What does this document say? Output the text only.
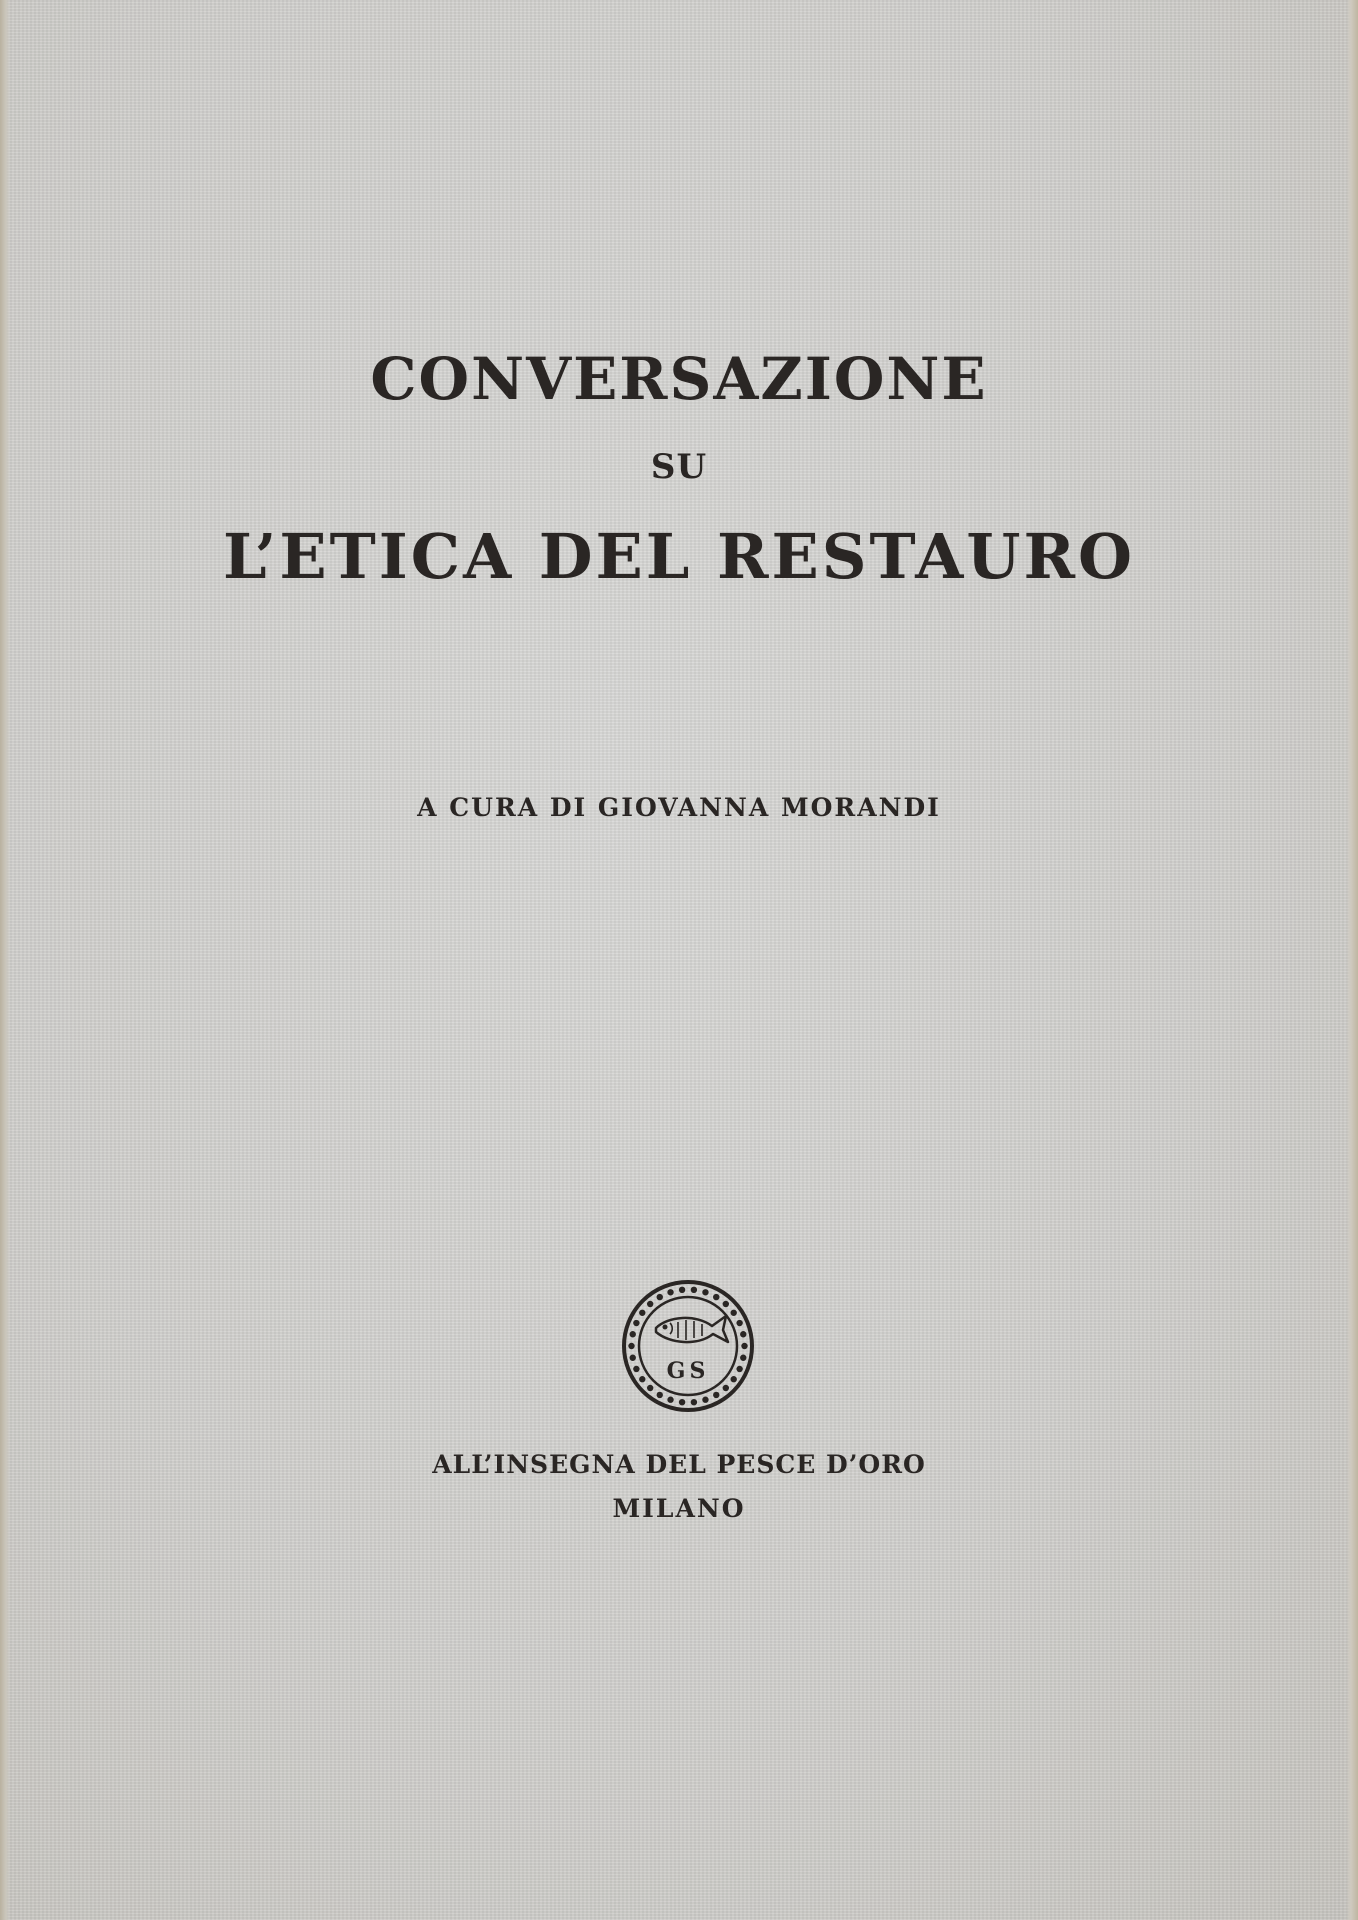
CONVERSAZIONE
SU
L’ETICA DEL RESTAURO
A CURA DI GIOVANNA MORANDI
GS
ALL’INSEGNA DEL PESCE D’ORO
MILANO
